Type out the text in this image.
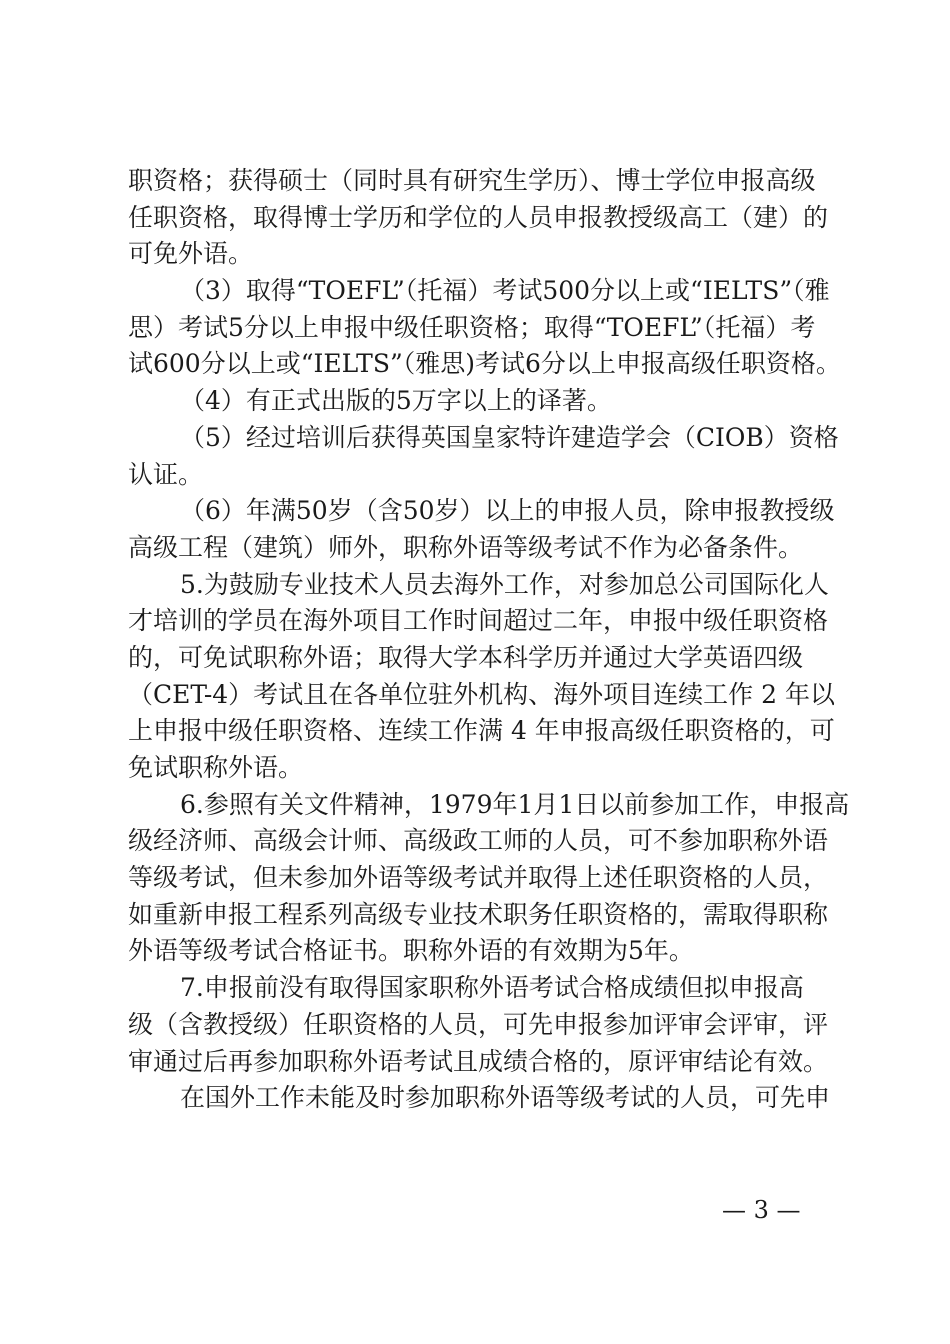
职资格；获得硕士（同时具有研究生学历）、博士学位申报高级
任职资格，取得博士学历和学位的人员申报教授级高工（建）的
可免外语。
（3）取得“TOEFL”（托福）考试500分以上或“IELTS”（雅
思）考试5分以上申报中级任职资格；取得“TOEFL”（托福）考
试600分以上或“IELTS”（雅思)考试6分以上申报高级任职资格。
（4）有正式出版的5万字以上的译著。
（5）经过培训后获得英国皇家特许建造学会（CIOB）资格
认证。
（6）年满50岁（含50岁）以上的申报人员，除申报教授级
高级工程（建筑）师外，职称外语等级考试不作为必备条件。
5.为鼓励专业技术人员去海外工作，对参加总公司国际化人
才培训的学员在海外项目工作时间超过二年，申报中级任职资格
的，可免试职称外语；取得大学本科学历并通过大学英语四级
（CET-4）考试且在各单位驻外机构、海外项目连续工作 2 年以
上申报中级任职资格、连续工作满 4 年申报高级任职资格的，可
免试职称外语。
6.参照有关文件精神，1979年1月1日以前参加工作，申报高
级经济师、高级会计师、高级政工师的人员，可不参加职称外语
等级考试，但未参加外语等级考试并取得上述任职资格的人员，
如重新申报工程系列高级专业技术职务任职资格的，需取得职称
外语等级考试合格证书。职称外语的有效期为5年。
7.申报前没有取得国家职称外语考试合格成绩但拟申报高
级（含教授级）任职资格的人员，可先申报参加评审会评审，评
审通过后再参加职称外语考试且成绩合格的，原评审结论有效。
在国外工作未能及时参加职称外语等级考试的人员，可先申
— 3 —
